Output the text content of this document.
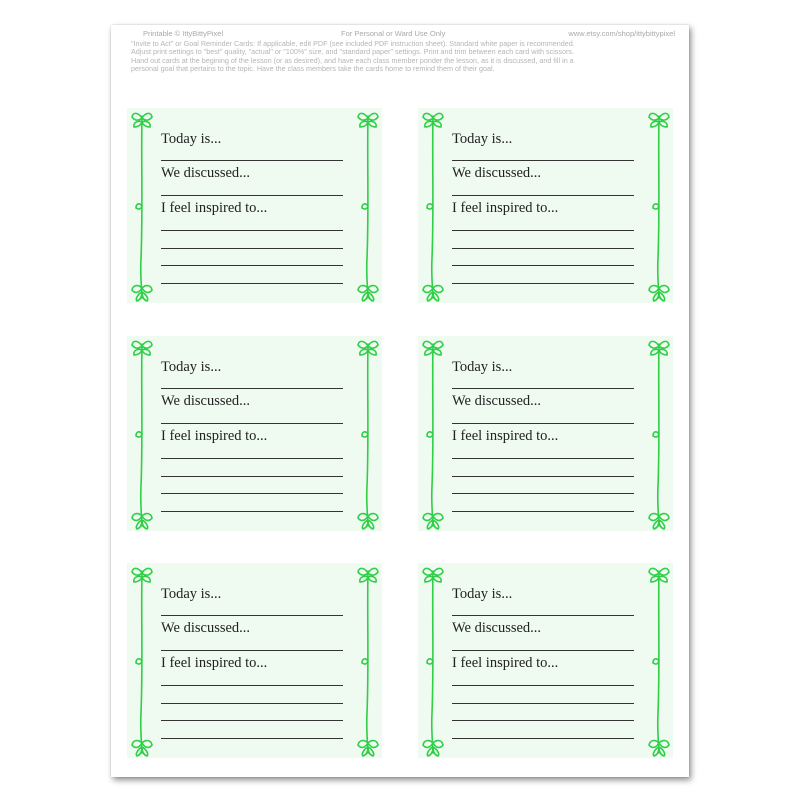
Printable © IttyBittyPixel	For Personal or Ward Use Only	www.etsy.com/shop/ittybittypixel
"Invite to Act" or Goal Reminder Cards: If applicable, edit PDF (see included PDF instruction sheet). Standard white paper is recommended.
Adjust print settings to "best" quality, "actual" or "100%" size, and "standard paper" settings. Print and trim between each card with scissors.
Hand out cards at the begining of the lesson (or as desired), and have each class member ponder the lesson, as it is discussed, and fill in a
personal goal that pertains to the topic. Have the class members take the cards home to remind them of their goal.
Today is...
We discussed...
I feel inspired to...
Today is...
We discussed...
I feel inspired to...
Today is...
We discussed...
I feel inspired to...
Today is...
We discussed...
I feel inspired to...
Today is...
We discussed...
I feel inspired to...
Today is...
We discussed...
I feel inspired to...
